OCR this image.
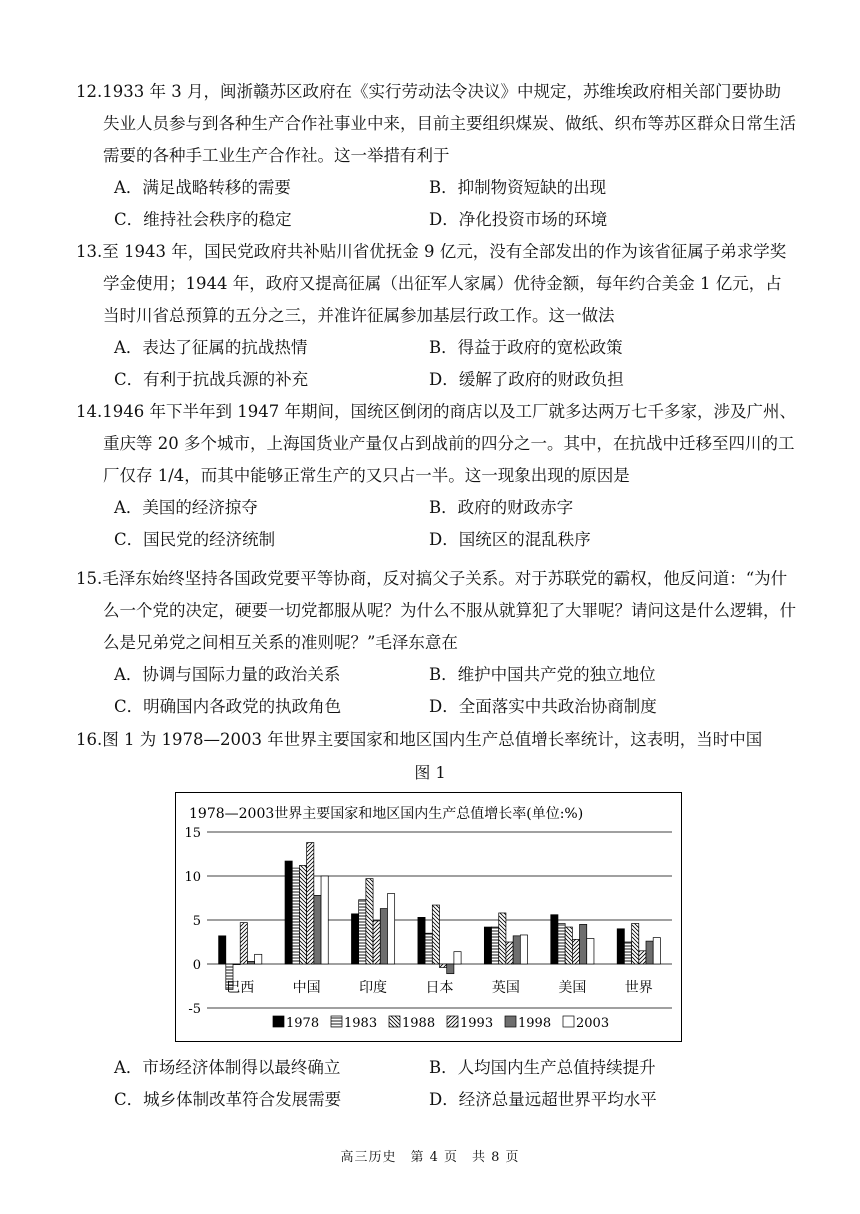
12.1933 年 3 月，闽浙赣苏区政府在《实行劳动法令决议》中规定，苏维埃政府相关部门要协助失业人员参与到各种生产合作社事业中来，目前主要组织煤炭、做纸、织布等苏区群众日常生活需要的各种手工业生产合作社。这一举措有利于

A．满足战略转移的需要	B．抑制物资短缺的出现
C．维持社会秩序的稳定	D．净化投资市场的环境

13.至 1943 年，国民党政府共补贴川省优抚金 9 亿元，没有全部发出的作为该省征属子弟求学奖学金使用；1944 年，政府又提高征属（出征军人家属）优待金额，每年约合美金 1 亿元，占当时川省总预算的五分之三，并准许征属参加基层行政工作。这一做法

A．表达了征属的抗战热情	B．得益于政府的宽松政策
C．有利于抗战兵源的补充	D．缓解了政府的财政负担

14.1946 年下半年到 1947 年期间，国统区倒闭的商店以及工厂就多达两万七千多家，涉及广州、重庆等 20 多个城市，上海国货业产量仅占到战前的四分之一。其中，在抗战中迁移至四川的工厂仅存 1/4，而其中能够正常生产的又只占一半。这一现象出现的原因是

A．美国的经济掠夺	B．政府的财政赤字
C．国民党的经济统制	D．国统区的混乱秩序

15.毛泽东始终坚持各国政党要平等协商，反对搞父子关系。对于苏联党的霸权，他反问道：“为什么一个党的决定，硬要一切党都服从呢？为什么不服从就算犯了大罪呢？请问这是什么逻辑，什么是兄弟党之间相互关系的准则呢？”毛泽东意在

A．协调与国际力量的政治关系	B．维护中国共产党的独立地位
C．明确国内各政党的执政角色	D．全面落实中共政治协商制度

16.图 1 为 1978—2003 年世界主要国家和地区国内生产总值增长率统计，这表明，当时中国

图 1
1978—2003世界主要国家和地区国内生产总值增长率(单位:%)
15
10
5
0
-5
巴西	中国	印度	日本	英国	美国	世界
1978 1983 1988 1993 1998 2003
A．市场经济体制得以最终确立	B．人均国内生产总值持续提升
C．城乡体制改革符合发展需要	D．经济总量远超世界平均水平
高三历史　第 4 页　共 8 页
